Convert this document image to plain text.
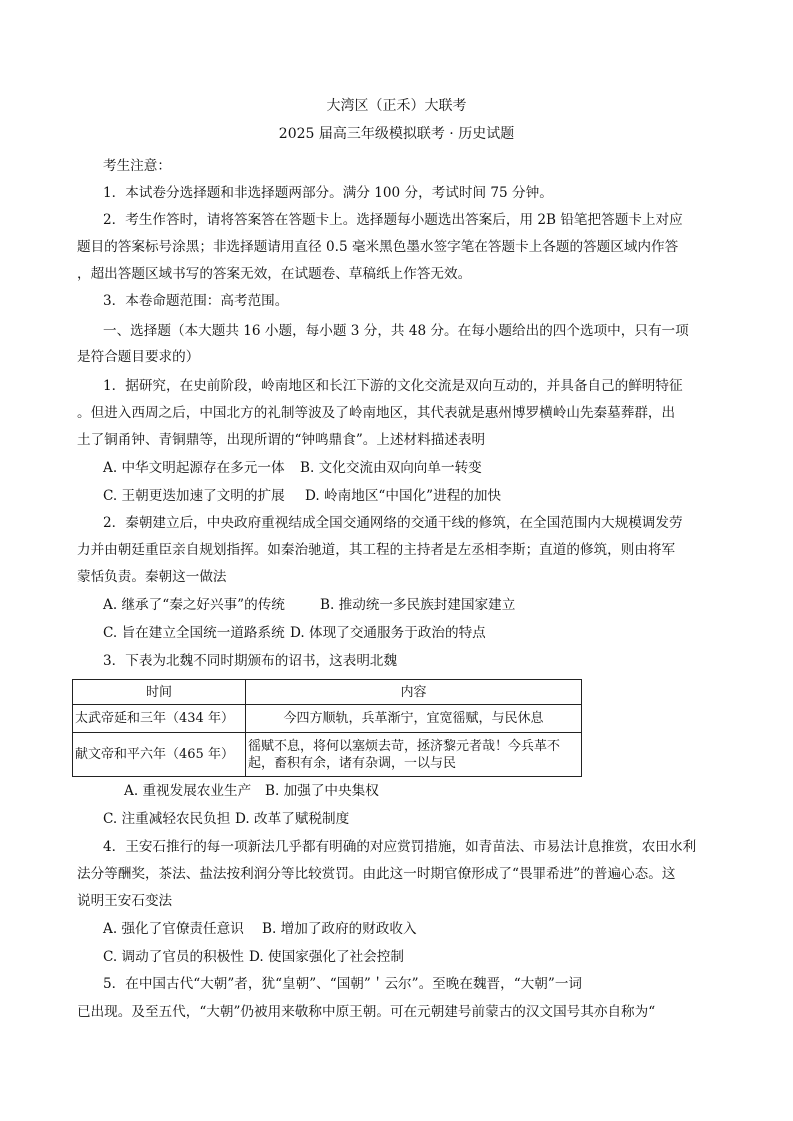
大湾区（正禾）大联考
2025 届高三年级模拟联考 · 历史试题
考生注意：
1．本试卷分选择题和非选择题两部分。满分 100 分，考试时间 75 分钟。
2．考生作答时，请将答案答在答题卡上。选择题每小题选出答案后，用 2B 铅笔把答题卡上对应
题目的答案标号涂黑；非选择题请用直径 0.5 毫米黑色墨水签字笔在答题卡上各题的答题区域内作答
，超出答题区域书写的答案无效，在试题卷、草稿纸上作答无效。
3．本卷命题范围：高考范围。
一、选择题（本大题共 16 小题，每小题 3 分，共 48 分。在每小题给出的四个选项中，只有一项
是符合题目要求的）
1．据研究，在史前阶段，岭南地区和长江下游的文化交流是双向互动的，并具备自己的鲜明特征
。但进入西周之后，中国北方的礼制等波及了岭南地区，其代表就是惠州博罗横岭山先秦墓葬群，出
土了铜甬钟、青铜鼎等，出现所谓的“钟鸣鼎食”。上述材料描述表明
A. 中华文明起源存在多元一体 B. 文化交流由双向向单一转变
C. 王朝更迭加速了文明的扩展 D. 岭南地区“中国化”进程的加快
2．秦朝建立后，中央政府重视结成全国交通网络的交通干线的修筑，在全国范围内大规模调发劳
力并由朝廷重臣亲自规划指挥。如秦治驰道，其工程的主持者是左丞相李斯；直道的修筑，则由将军
蒙恬负责。秦朝这一做法
A. 继承了“秦之好兴事”的传统	B. 推动统一多民族封建国家建立
C. 旨在建立全国统一道路系统 D. 体现了交通服务于政治的特点
3．下表为北魏不同时期颁布的诏书，这表明北魏
时间	内容
太武帝延和三年（434 年）	今四方顺轨，兵革渐宁，宜宽徭赋，与民休息
献文帝和平六年（465 年）	徭赋不息，将何以塞烦去苛，拯济黎元者哉！今兵革不
起，畜积有余，诸有杂调，一以与民
A. 重视发展农业生产 B. 加强了中央集权
C. 注重减轻农民负担 D. 改革了赋税制度
4．王安石推行的每一项新法几乎都有明确的对应赏罚措施，如青苗法、市易法计息推赏，农田水利
法分等酬奖，茶法、盐法按利润分等比较赏罚。由此这一时期官僚形成了“畏罪希进”的普遍心态。这
说明王安石变法
A. 强化了官僚责任意识 B. 增加了政府的财政收入
C. 调动了官员的积极性 D. 使国家强化了社会控制
5．在中国古代“大朝”者，犹“皇朝”、“国朝”＇云尔”。至晚在魏晋，“大朝”一词
已出现。及至五代，“大朝”仍被用来敬称中原王朝。可在元朝建号前蒙古的汉文国号其亦自称为“
